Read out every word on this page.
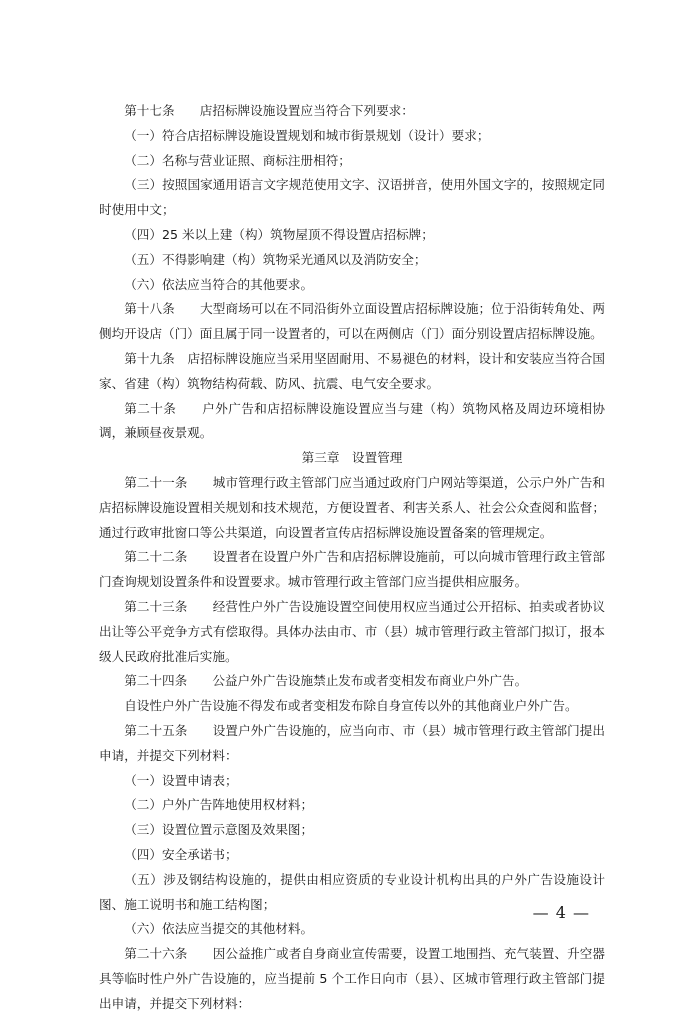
第十七条　　店招标牌设施设置应当符合下列要求：

（一）符合店招标牌设施设置规划和城市街景规划（设计）要求；

（二）名称与营业证照、商标注册相符；

（三）按照国家通用语言文字规范使用文字、汉语拼音，使用外国文字的，按照规定同时使用中文；

（四）25 米以上建（构）筑物屋顶不得设置店招标牌；

（五）不得影响建（构）筑物采光通风以及消防安全；

（六）依法应当符合的其他要求。

第十八条　　大型商场可以在不同沿街外立面设置店招标牌设施；位于沿街转角处、两侧均开设店（门）面且属于同一设置者的，可以在两侧店（门）面分别设置店招标牌设施。

第十九条　店招标牌设施应当采用坚固耐用、不易褪色的材料，设计和安装应当符合国家、省建（构）筑物结构荷载、防风、抗震、电气安全要求。

第二十条　　户外广告和店招标牌设施设置应当与建（构）筑物风格及周边环境相协调，兼顾昼夜景观。

第三章　设置管理

第二十一条　　城市管理行政主管部门应当通过政府门户网站等渠道，公示户外广告和店招标牌设施设置相关规划和技术规范，方便设置者、利害关系人、社会公众查阅和监督；通过行政审批窗口等公共渠道，向设置者宣传店招标牌设施设置备案的管理规定。

第二十二条　　设置者在设置户外广告和店招标牌设施前，可以向城市管理行政主管部门查询规划设置条件和设置要求。城市管理行政主管部门应当提供相应服务。

第二十三条　　经营性户外广告设施设置空间使用权应当通过公开招标、拍卖或者协议出让等公平竞争方式有偿取得。具体办法由市、市（县）城市管理行政主管部门拟订，报本级人民政府批准后实施。

第二十四条　　公益户外广告设施禁止发布或者变相发布商业户外广告。

自设性户外广告设施不得发布或者变相发布除自身宣传以外的其他商业户外广告。

第二十五条　　设置户外广告设施的，应当向市、市（县）城市管理行政主管部门提出申请，并提交下列材料：

（一）设置申请表；

（二）户外广告阵地使用权材料；

（三）设置位置示意图及效果图；

（四）安全承诺书；

（五）涉及钢结构设施的，提供由相应资质的专业设计机构出具的户外广告设施设计图、施工说明书和施工结构图；

（六）依法应当提交的其他材料。

第二十六条　　因公益推广或者自身商业宣传需要，设置工地围挡、充气装置、升空器具等临时性户外广告设施的，应当提前 5 个工作日向市（县）、区城市管理行政主管部门提出申请，并提交下列材料：

— 4 —
